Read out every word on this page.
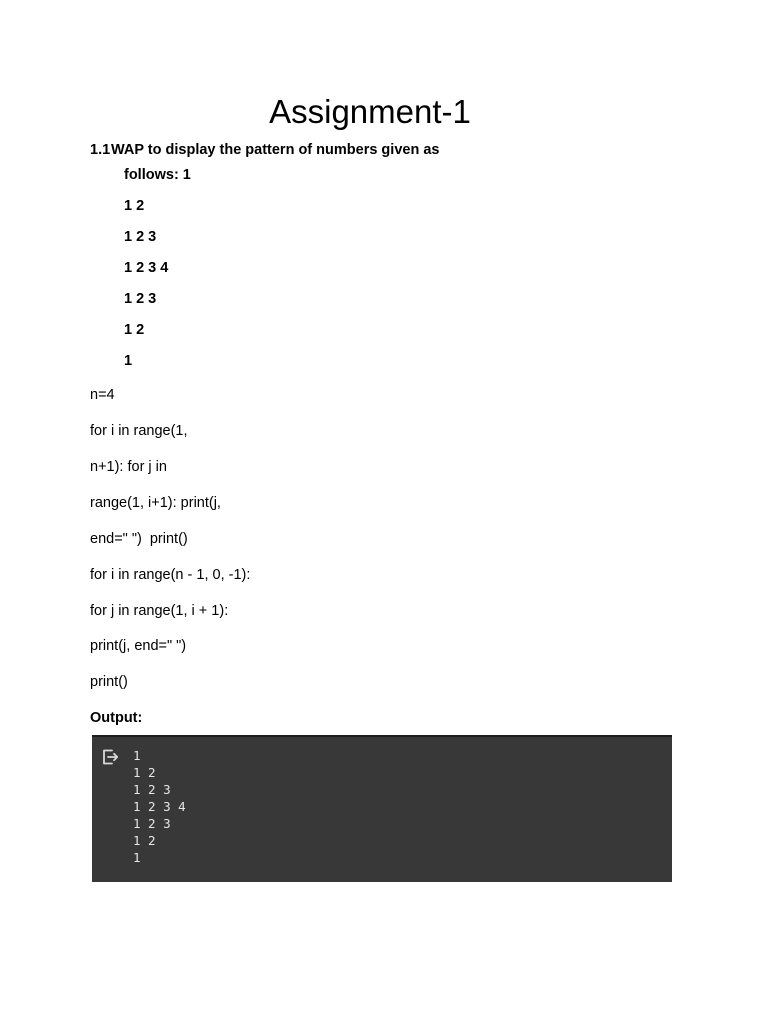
Assignment-1
1.1WAP to display the pattern of numbers given as
follows: 1
1 2
1 2 3
1 2 3 4
1 2 3
1 2
1
n=4
for i in range(1,
n+1): for j in
range(1, i+1): print(j,
end=" ")  print()
for i in range(n - 1, 0, -1):
for j in range(1, i + 1):
print(j, end=" ")
print()
Output:
1
1 2
1 2 3
1 2 3 4
1 2 3
1 2
1
